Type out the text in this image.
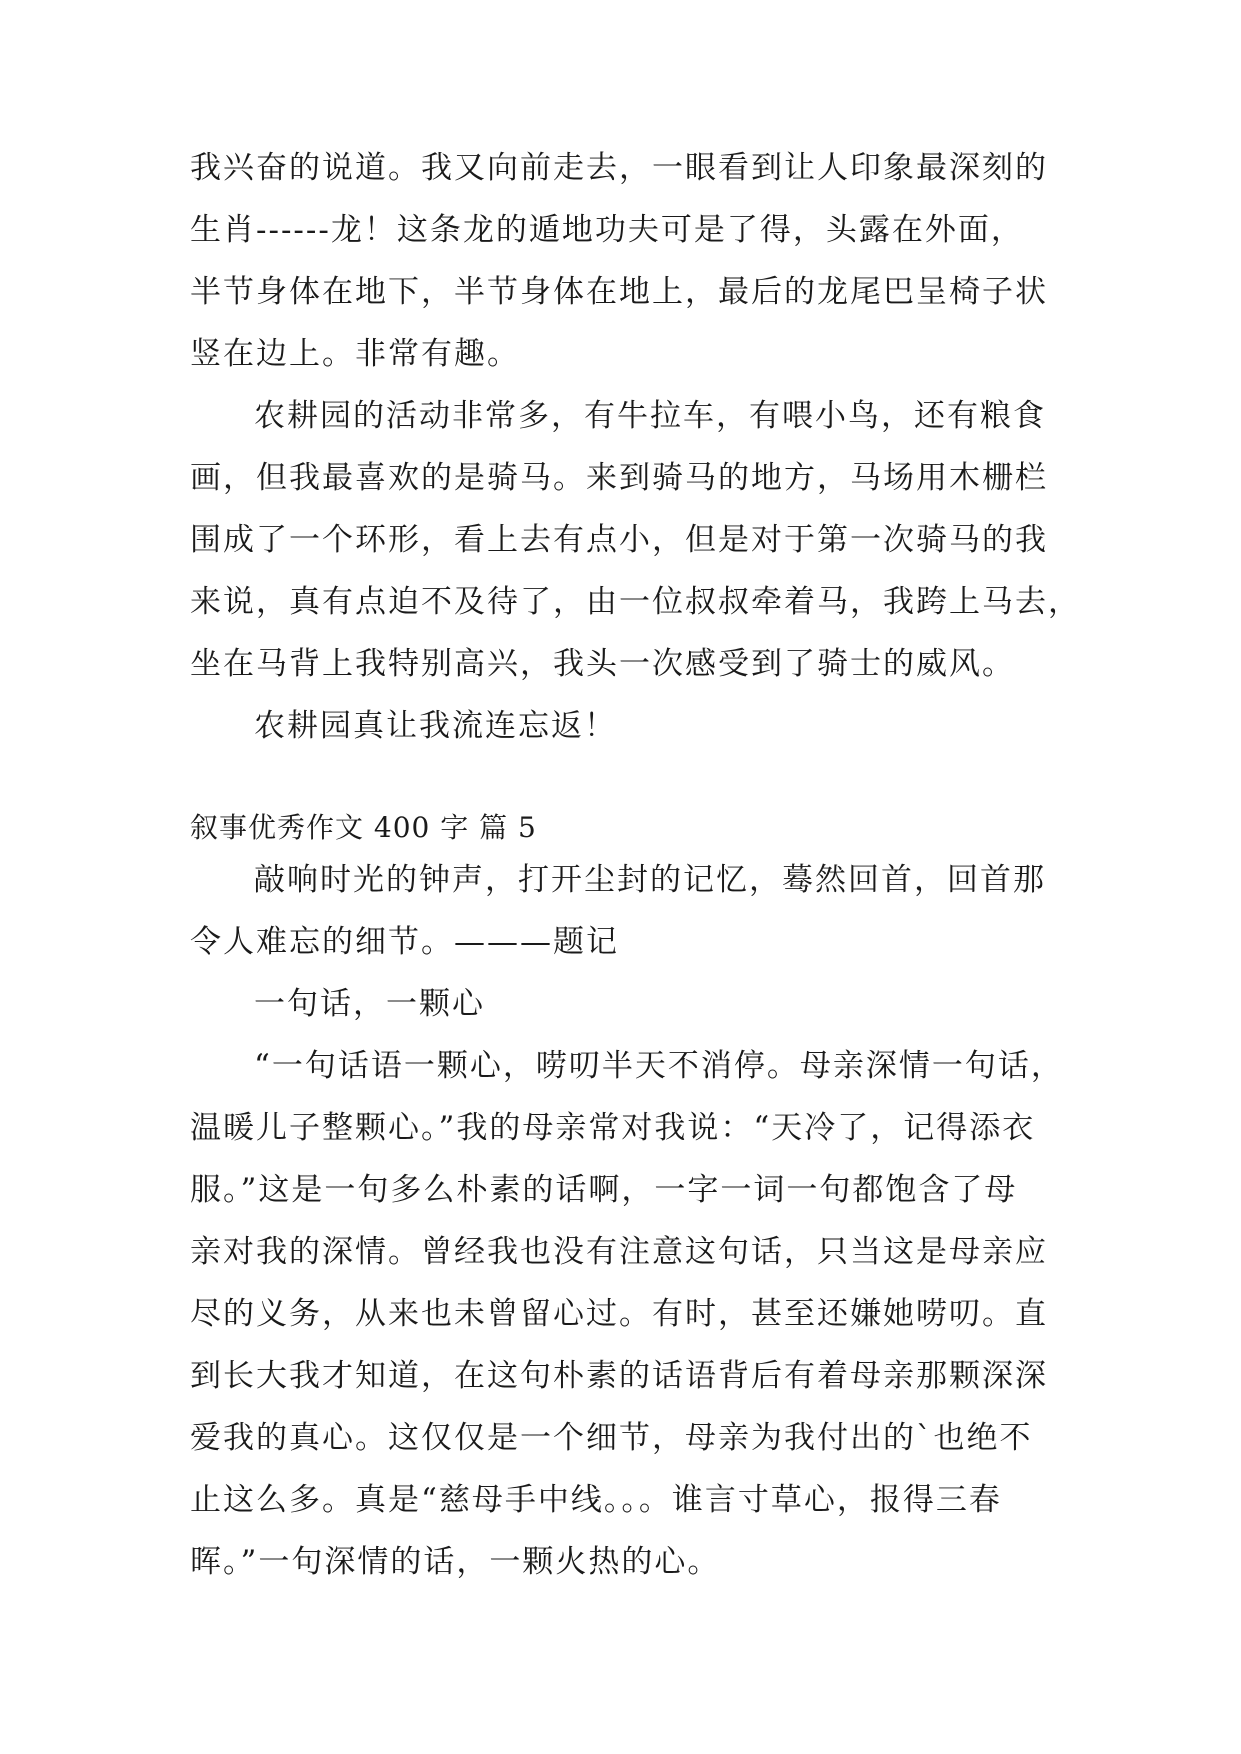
我兴奋的说道。我又向前走去，一眼看到让人印象最深刻的
生肖------龙！这条龙的遁地功夫可是了得，头露在外面，
半节身体在地下，半节身体在地上，最后的龙尾巴呈椅子状
竖在边上。非常有趣。
农耕园的活动非常多，有牛拉车，有喂小鸟，还有粮食
画，但我最喜欢的是骑马。来到骑马的地方，马场用木栅栏
围成了一个环形，看上去有点小，但是对于第一次骑马的我
来说，真有点迫不及待了，由一位叔叔牵着马，我跨上马去，
坐在马背上我特别高兴，我头一次感受到了骑士的威风。
农耕园真让我流连忘返！
叙事优秀作文 400 字 篇 5
敲响时光的钟声，打开尘封的记忆，蓦然回首，回首那
令人难忘的细节。———题记
一句话，一颗心
“一句话语一颗心，唠叨半天不消停。母亲深情一句话，
温暖儿子整颗心。”我的母亲常对我说：“天冷了，记得添衣
服。”这是一句多么朴素的话啊，一字一词一句都饱含了母
亲对我的深情。曾经我也没有注意这句话，只当这是母亲应
尽的义务，从来也未曾留心过。有时，甚至还嫌她唠叨。直
到长大我才知道，在这句朴素的话语背后有着母亲那颗深深
爱我的真心。这仅仅是一个细节，母亲为我付出的`也绝不
止这么多。真是“慈母手中线。。。谁言寸草心，报得三春
晖。”一句深情的话，一颗火热的心。
